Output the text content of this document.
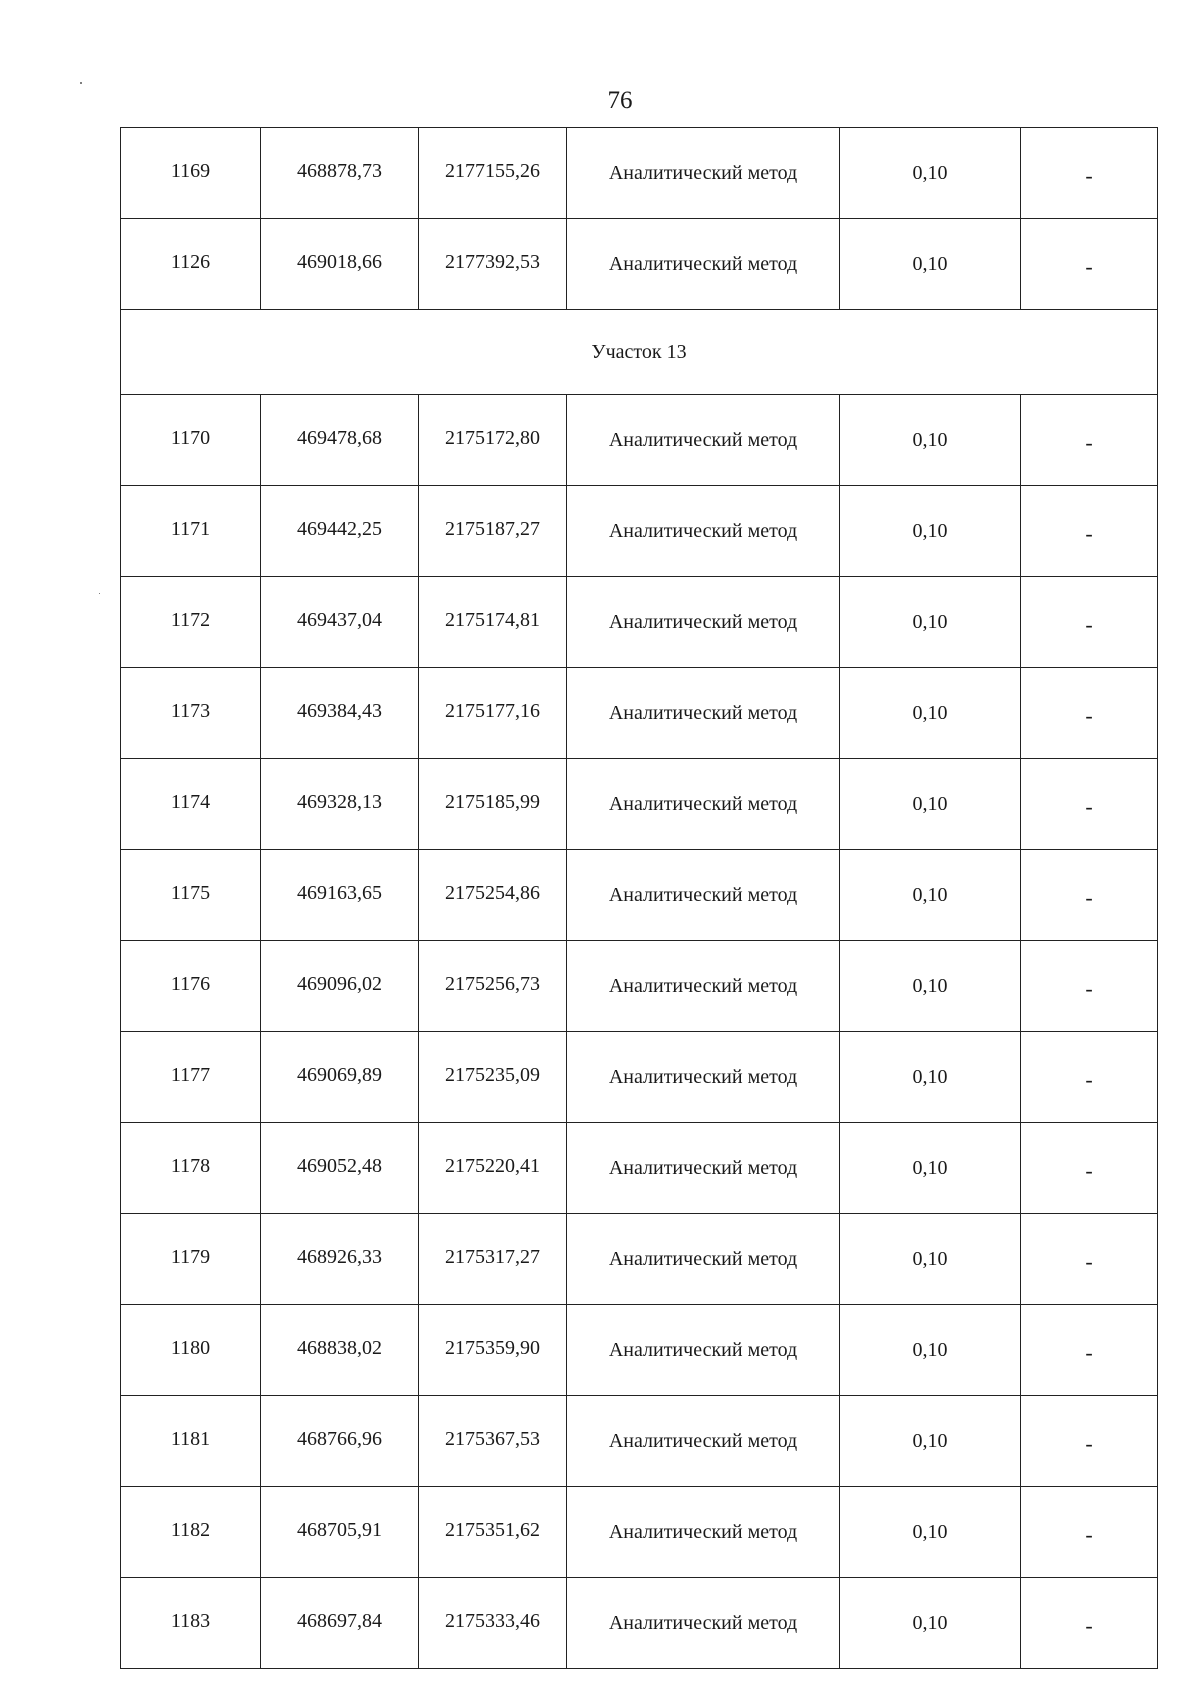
76
1169	468878,73	2177155,26	Аналитический метод	0,10	-
1126	469018,66	2177392,53	Аналитический метод	0,10	-
Участок 13					
1170	469478,68	2175172,80	Аналитический метод	0,10	-
1171	469442,25	2175187,27	Аналитический метод	0,10	-
1172	469437,04	2175174,81	Аналитический метод	0,10	-
1173	469384,43	2175177,16	Аналитический метод	0,10	-
1174	469328,13	2175185,99	Аналитический метод	0,10	-
1175	469163,65	2175254,86	Аналитический метод	0,10	-
1176	469096,02	2175256,73	Аналитический метод	0,10	-
1177	469069,89	2175235,09	Аналитический метод	0,10	-
1178	469052,48	2175220,41	Аналитический метод	0,10	-
1179	468926,33	2175317,27	Аналитический метод	0,10	-
1180	468838,02	2175359,90	Аналитический метод	0,10	-
1181	468766,96	2175367,53	Аналитический метод	0,10	-
1182	468705,91	2175351,62	Аналитический метод	0,10	-
1183	468697,84	2175333,46	Аналитический метод	0,10	-
